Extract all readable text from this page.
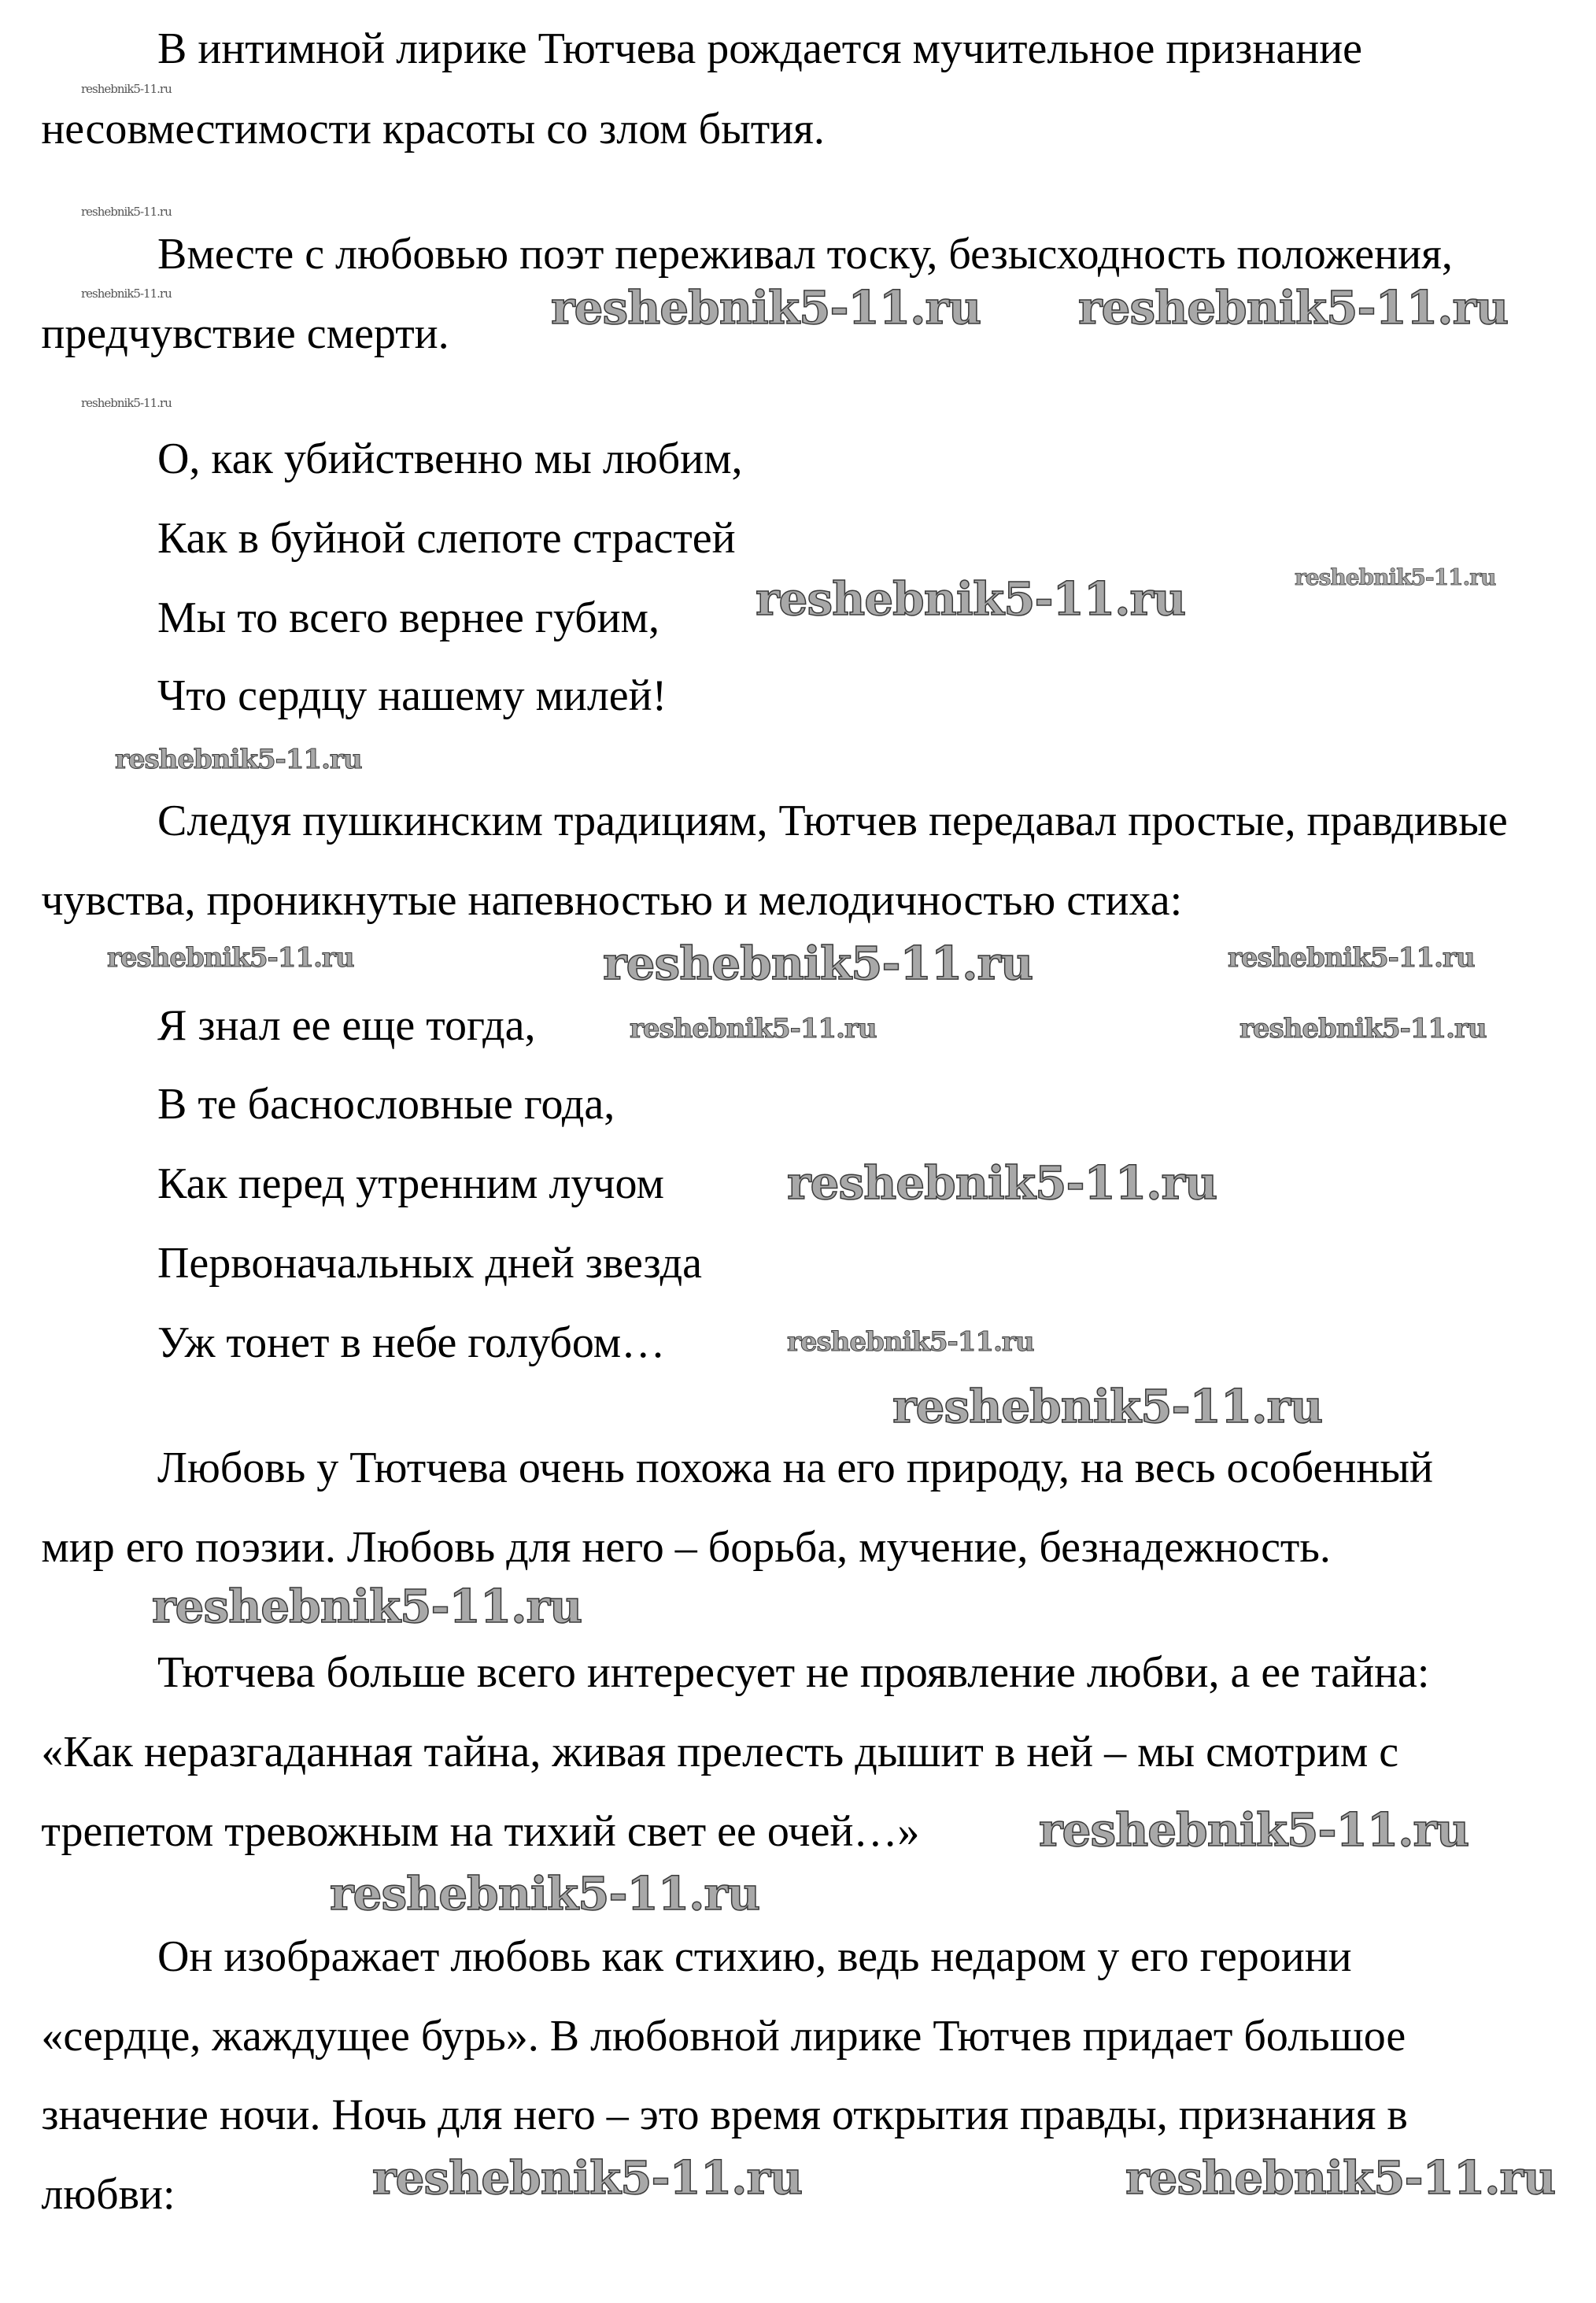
В интимной лирике Тютчева рождается мучительное признание
несовместимости красоты со злом бытия.
Вместе с любовью поэт переживал тоску, безысходность положения,
предчувствие смерти.
О, как убийственно мы любим,
Как в буйной слепоте страстей
Мы то всего вернее губим,
Что сердцу нашему милей!
Следуя пушкинским традициям, Тютчев передавал простые, правдивые
чувства, проникнутые напевностью и мелодичностью стиха:
Я знал ее еще тогда,
В те баснословные года,
Как перед утренним лучом
Первоначальных дней звезда
Уж тонет в небе голубом…
Любовь у Тютчева очень похожа на его природу, на весь особенный
мир его поэзии. Любовь для него – борьба, мучение, безнадежность.
Тютчева больше всего интересует не проявление любви, а ее тайна:
«Как неразгаданная тайна, живая прелесть дышит в ней – мы смотрим с
трепетом тревожным на тихий свет ее очей…»
Он изображает любовь как стихию, ведь недаром у его героини
«сердце, жаждущее бурь». В любовной лирике Тютчев придает большое
значение ночи. Ночь для него – это время открытия правды, признания в
любви:
reshebnik5-11.ru
reshebnik5-11.ru
reshebnik5-11.ru
reshebnik5-11.ru
reshebnik5-11.ru reshebnik5-11.ru
reshebnik5-11.ru
reshebnik5-11.ru	reshebnik5-11.ru
reshebnik5-11.ru	reshebnik5-11.ru	reshebnik5-11.ru
reshebnik5-11.ru	reshebnik5-11.ru
reshebnik5-11.ru
reshebnik5-11.ru
reshebnik5-11.ru
reshebnik5-11.ru
reshebnik5-11.ru
reshebnik5-11.ru
reshebnik5-11.ru	reshebnik5-11.ru
